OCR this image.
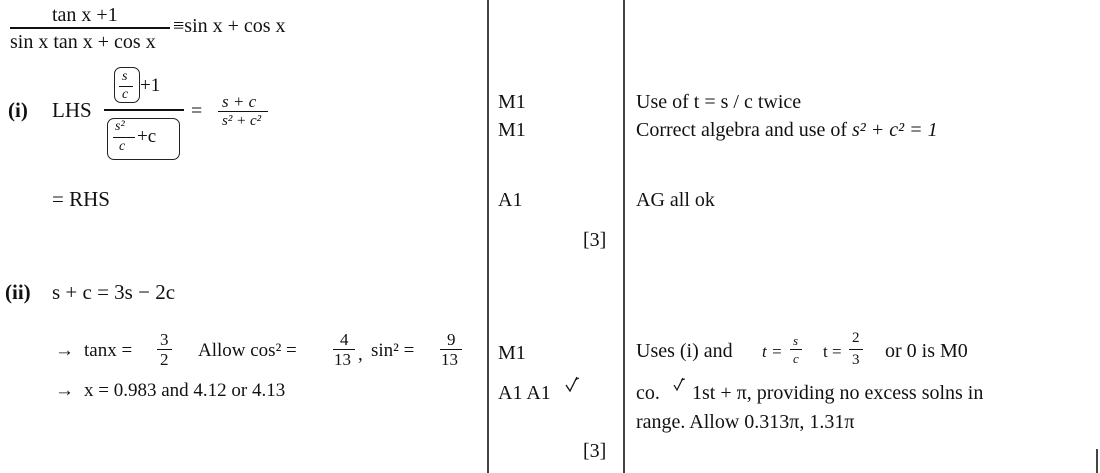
tan x +1
sin x tan x + cos x
≡sin x + cos x
(i) LHS
s
c +1
s²
c +c
= s + c
s² + c²
= RHS
(ii) s + c = 3s − 2c
→ tanx =
3
2 Allow cos² =
4
13 , sin² =
9
13
→ x = 0.983 and 4.12 or 4.13
M1
M1
A1
[3]
M1
A1 A1
[3]
Use of t = s / c twice
Correct algebra and use of s² + c² = 1
AG all ok
Uses (i) and t =
s
c t =
2
3 or 0 is M0
co. 1st + π, providing no excess solns in
range. Allow 0.313π, 1.31π
